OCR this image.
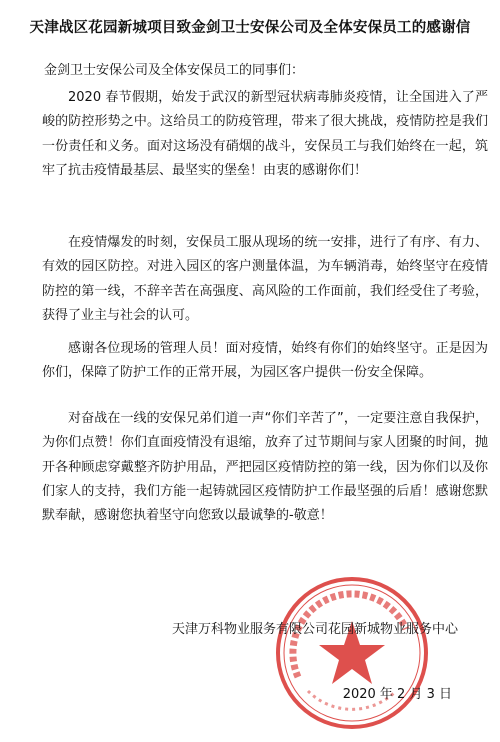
天津战区花园新城项目致金剑卫士安保公司及全体安保员工的感谢信
金剑卫士安保公司及全体安保员工的同事们：

2020 春节假期，始发于武汉的新型冠状病毒肺炎疫情，让全国进入了严峻的防控形势之中。这给员工的防疫管理，带来了很大挑战，疫情防控是我们一份责任和义务。面对这场没有硝烟的战斗，安保员工与我们始终在一起，筑牢了抗击疫情最基层、最坚实的堡垒！由衷的感谢你们！

在疫情爆发的时刻，安保员工服从现场的统一安排，进行了有序、有力、有效的园区防控。对进入园区的客户测量体温，为车辆消毒，始终坚守在疫情防控的第一线，不辞辛苦在高强度、高风险的工作面前，我们经受住了考验，获得了业主与社会的认可。

感谢各位现场的管理人员！面对疫情，始终有你们的始终坚守。正是因为你们，保障了防护工作的正常开展，为园区客户提供一份安全保障。

对奋战在一线的安保兄弟们道一声“你们辛苦了”，一定要注意自我保护，为你们点赞！你们直面疫情没有退缩，放弃了过节期间与家人团聚的时间，抛开各种顾虑穿戴整齐防护用品，严把园区疫情防控的第一线，因为你们以及你们家人的支持，我们方能一起铸就园区疫情防护工作最坚强的后盾！感谢您默默奉献，感谢您执着坚守向您致以最诚挚的-敬意！

天津万科物业服务有限公司花园新城物业服务中心
2020 年 2 月 3 日
